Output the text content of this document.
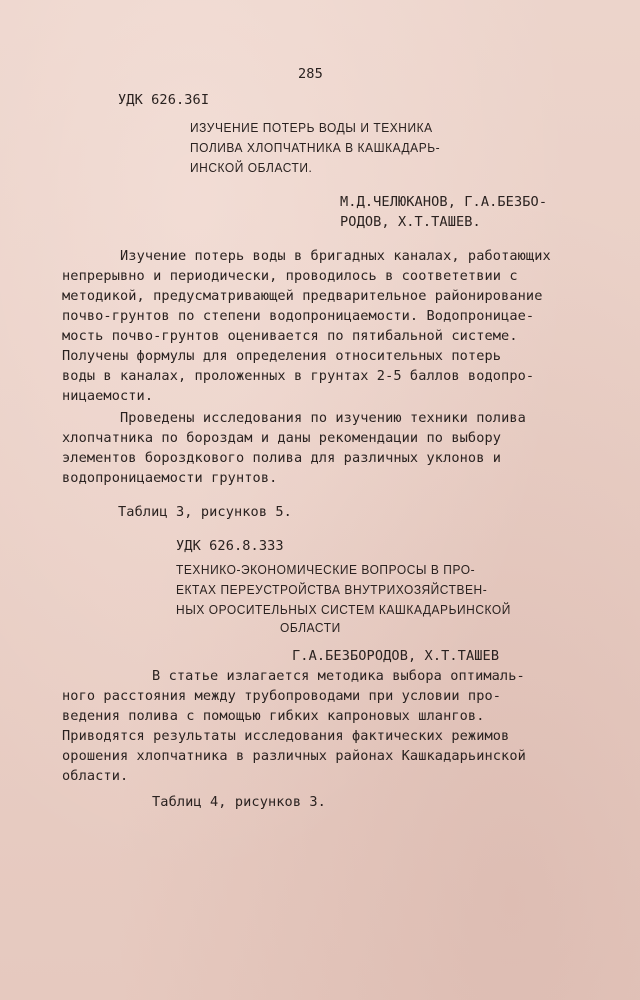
285
УДК 626.36I
ИЗУЧЕНИЕ ПОТЕРЬ ВОДЫ И ТЕХНИКА
ПОЛИВА ХЛОПЧАТНИКА В КАШКАДАРЬ-
ИНСКОЙ ОБЛАСТИ.
М.Д.ЧЕЛЮКАНОВ, Г.А.БЕЗБО-
РОДОВ, Х.Т.ТАШЕВ.
Изучение потерь воды в бригадных каналах, работающих
непрерывно и периодически, проводилось в соответетвии с
методикой, предусматривающей предварительное районирование
почво-грунтов по степени водопроницаемости. Водопроницае-
мость почво-грунтов оценивается по пятибальной системе.
Получены формулы для определения относительных потерь
воды в каналах, проложенных в грунтах 2-5 баллов водопро-
ницаемости.
Проведены исследования по изучению техники полива
хлопчатника по бороздам и даны рекомендации по выбору
элементов бороздкового полива для различных уклонов и
водопроницаемости грунтов.
Таблиц 3, рисунков 5.
УДК 626.8.333
ТЕХНИКО-ЭКОНОМИЧЕСКИЕ ВОПРОСЫ В ПРО-
ЕКТАХ ПЕРЕУСТРОЙСТВА ВНУТРИХОЗЯЙСТВЕН-
НЫХ ОРОСИТЕЛЬНЫХ СИСТЕМ КАШКАДАРЬИНСКОЙ
ОБЛАСТИ
Г.А.БЕЗБОРОДОВ, Х.Т.ТАШЕВ
В статье излагается методика выбора оптималь-
ного расстояния между трубопроводами при условии про-
ведения полива с помощью гибких капроновых шлангов.
Приводятся результаты исследования фактических режимов
орошения хлопчатника в различных районах Кашкадарьинской
области.
Таблиц 4, рисунков 3.
